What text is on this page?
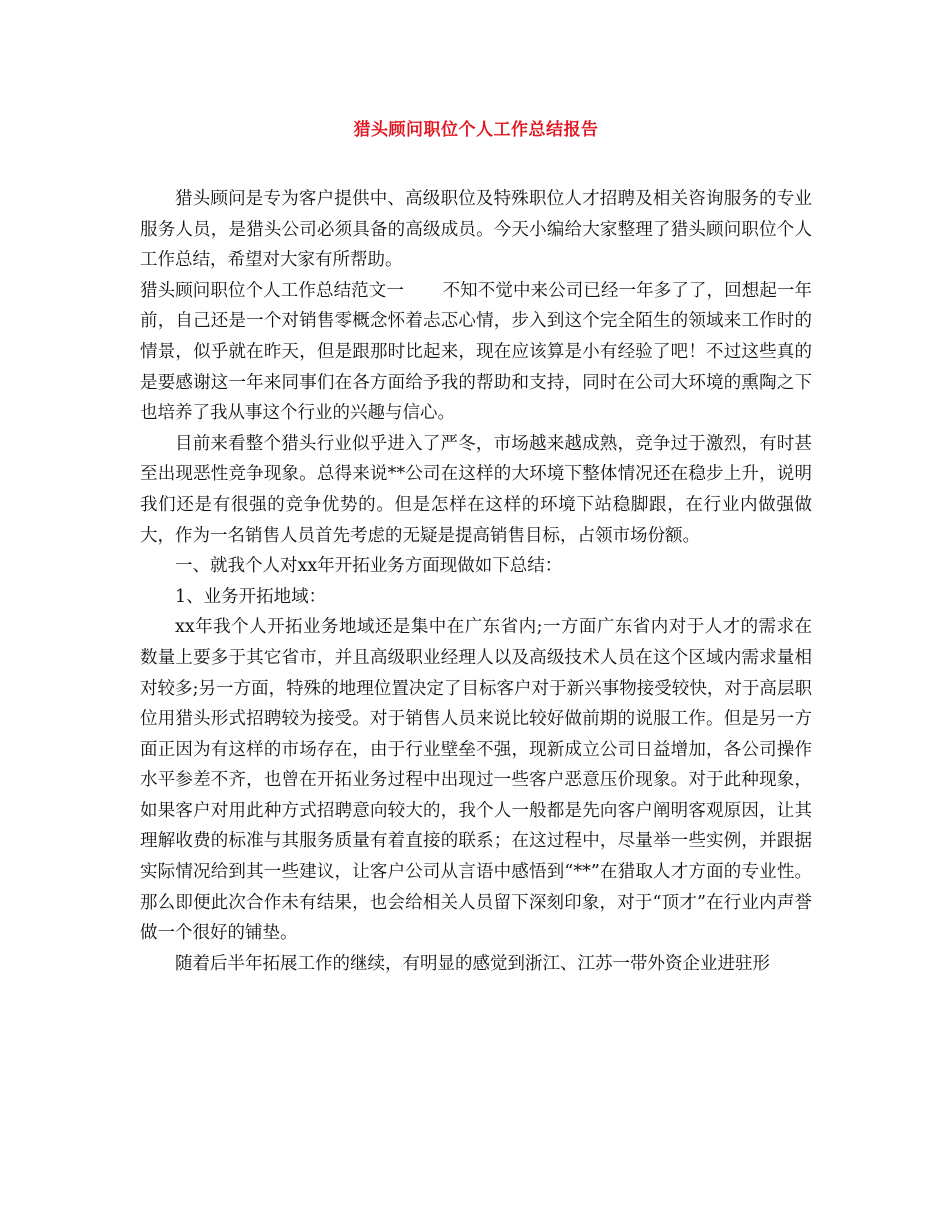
猎头顾问职位个人工作总结报告

猎头顾问是专为客户提供中、高级职位及特殊职位人才招聘及相关咨询服务的专业服务人员，是猎头公司必须具备的高级成员。今天小编给大家整理了猎头顾问职位个人工作总结，希望对大家有所帮助。

猎头顾问职位个人工作总结范文一 不知不觉中来公司已经一年多了了，回想起一年前，自己还是一个对销售零概念怀着忐忑心情，步入到这个完全陌生的领域来工作时的情景，似乎就在昨天，但是跟那时比起来，现在应该算是小有经验了吧！不过这些真的是要感谢这一年来同事们在各方面给予我的帮助和支持，同时在公司大环境的熏陶之下也培养了我从事这个行业的兴趣与信心。

目前来看整个猎头行业似乎进入了严冬，市场越来越成熟，竞争过于激烈，有时甚至出现恶性竞争现象。总得来说**公司在这样的大环境下整体情况还在稳步上升，说明我们还是有很强的竞争优势的。但是怎样在这样的环境下站稳脚跟，在行业内做强做大，作为一名销售人员首先考虑的无疑是提高销售目标，占领市场份额。

一、就我个人对xx年开拓业务方面现做如下总结：

1、业务开拓地域：

xx年我个人开拓业务地域还是集中在广东省内;一方面广东省内对于人才的需求在数量上要多于其它省市，并且高级职业经理人以及高级技术人员在这个区域内需求量相对较多;另一方面，特殊的地理位置决定了目标客户对于新兴事物接受较快，对于高层职位用猎头形式招聘较为接受。对于销售人员来说比较好做前期的说服工作。但是另一方面正因为有这样的市场存在，由于行业壁垒不强，现新成立公司日益增加，各公司操作水平参差不齐，也曾在开拓业务过程中出现过一些客户恶意压价现象。对于此种现象，如果客户对用此种方式招聘意向较大的，我个人一般都是先向客户阐明客观原因，让其理解收费的标准与其服务质量有着直接的联系；在这过程中，尽量举一些实例，并跟据实际情况给到其一些建议，让客户公司从言语中感悟到“**”在猎取人才方面的专业性。那么即便此次合作未有结果，也会给相关人员留下深刻印象，对于“顶才”在行业内声誉做一个很好的铺垫。

随着后半年拓展工作的继续，有明显的感觉到浙江、江苏一带外资企业进驻形
